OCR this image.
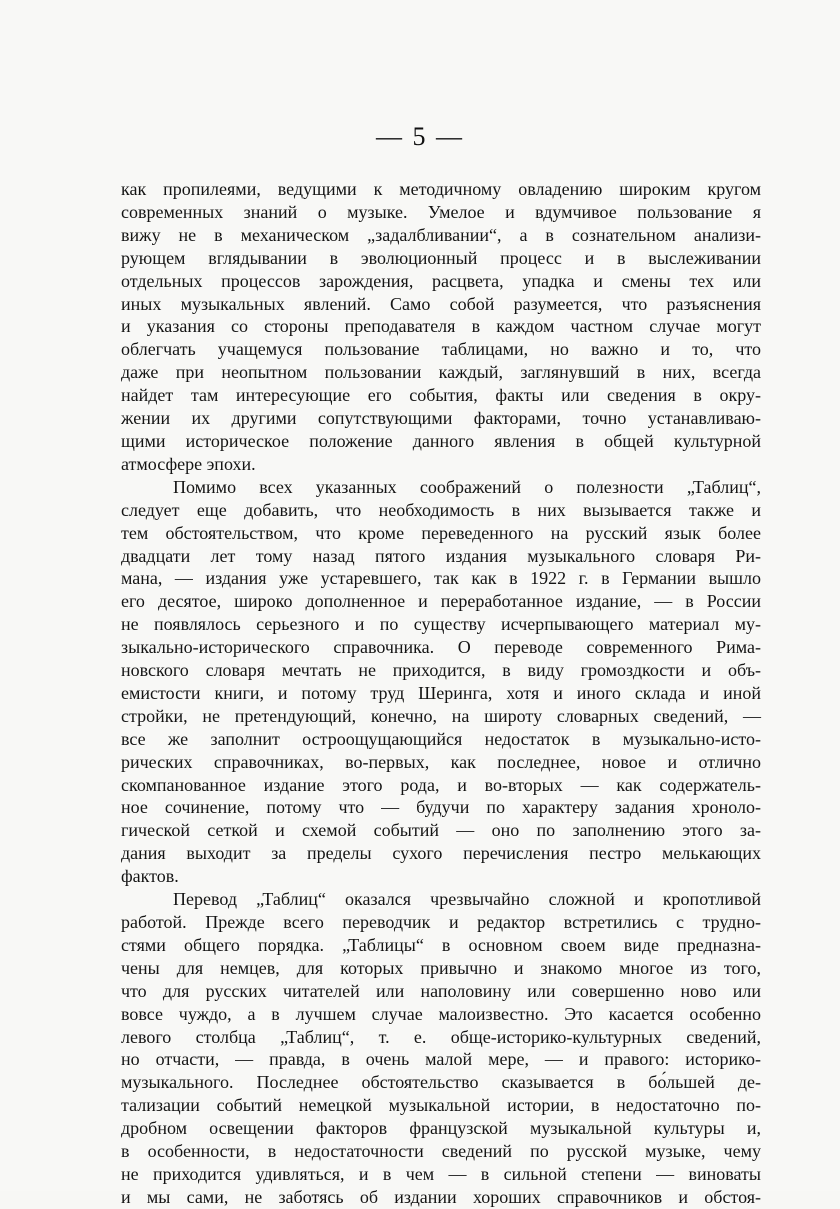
— 5 —
как пропилеями, ведущими к методичному овладению широким кругом
современных знаний о музыке. Умелое и вдумчивое пользование я
вижу не в механическом „задалбливании“, а в сознательном анализи-
рующем вглядывании в эволюционный процесс и в выслеживании
отдельных процессов зарождения, расцвета, упадка и смены тех или
иных музыкальных явлений. Само собой разумеется, что разъяснения
и указания со стороны преподавателя в каждом частном случае могут
облегчать учащемуся пользование таблицами, но важно и то, что
даже при неопытном пользовании каждый, заглянувший в них, всегда
найдет там интересующие его события, факты или сведения в окру-
жении их другими сопутствующими факторами, точно устанавливаю-
щими историческое положение данного явления в общей культурной
атмосфере эпохи.
Помимо всех указанных соображений о полезности „Таблиц“,
следует еще добавить, что необходимость в них вызывается также и
тем обстоятельством, что кроме переведенного на русский язык более
двадцати лет тому назад пятого издания музыкального словаря Ри-
мана, — издания уже устаревшего, так как в 1922 г. в Германии вышло
его десятое, широко дополненное и переработанное издание, — в России
не появлялось серьезного и по существу исчерпывающего материал му-
зыкально-исторического справочника. О переводе современного Рима-
новского словаря мечтать не приходится, в виду громоздкости и объ-
емистости книги, и потому труд Шеринга, хотя и иного склада и иной
стройки, не претендующий, конечно, на широту словарных сведений, —
все же заполнит остроощущающийся недостаток в музыкально-исто-
рических справочниках, во-первых, как последнее, новое и отлично
скомпанованное издание этого рода, и во-вторых — как содержатель-
ное сочинение, потому что — будучи по характеру задания хроноло-
гической сеткой и схемой событий — оно по заполнению этого за-
дания выходит за пределы сухого перечисления пестро мелькающих
фактов.
Перевод „Таблиц“ оказался чрезвычайно сложной и кропотливой
работой. Прежде всего переводчик и редактор встретились с трудно-
стями общего порядка. „Таблицы“ в основном своем виде предназна-
чены для немцев, для которых привычно и знакомо многое из того,
что для русских читателей или наполовину или совершенно ново или
вовсе чуждо, а в лучшем случае малоизвестно. Это касается особенно
левого столбца „Таблиц“, т. е. обще-историко-культурных сведений,
но отчасти, — правда, в очень малой мере, — и правого: историко-
музыкального. Последнее обстоятельство сказывается в бо́льшей де-
тализации событий немецкой музыкальной истории, в недостаточно по-
дробном освещении факторов французской музыкальной культуры и,
в особенности, в недостаточности сведений по русской музыке, чему
не приходится удивляться, и в чем — в сильной степени — виноваты
и мы сами, не заботясь об издании хороших справочников и обстоя-
